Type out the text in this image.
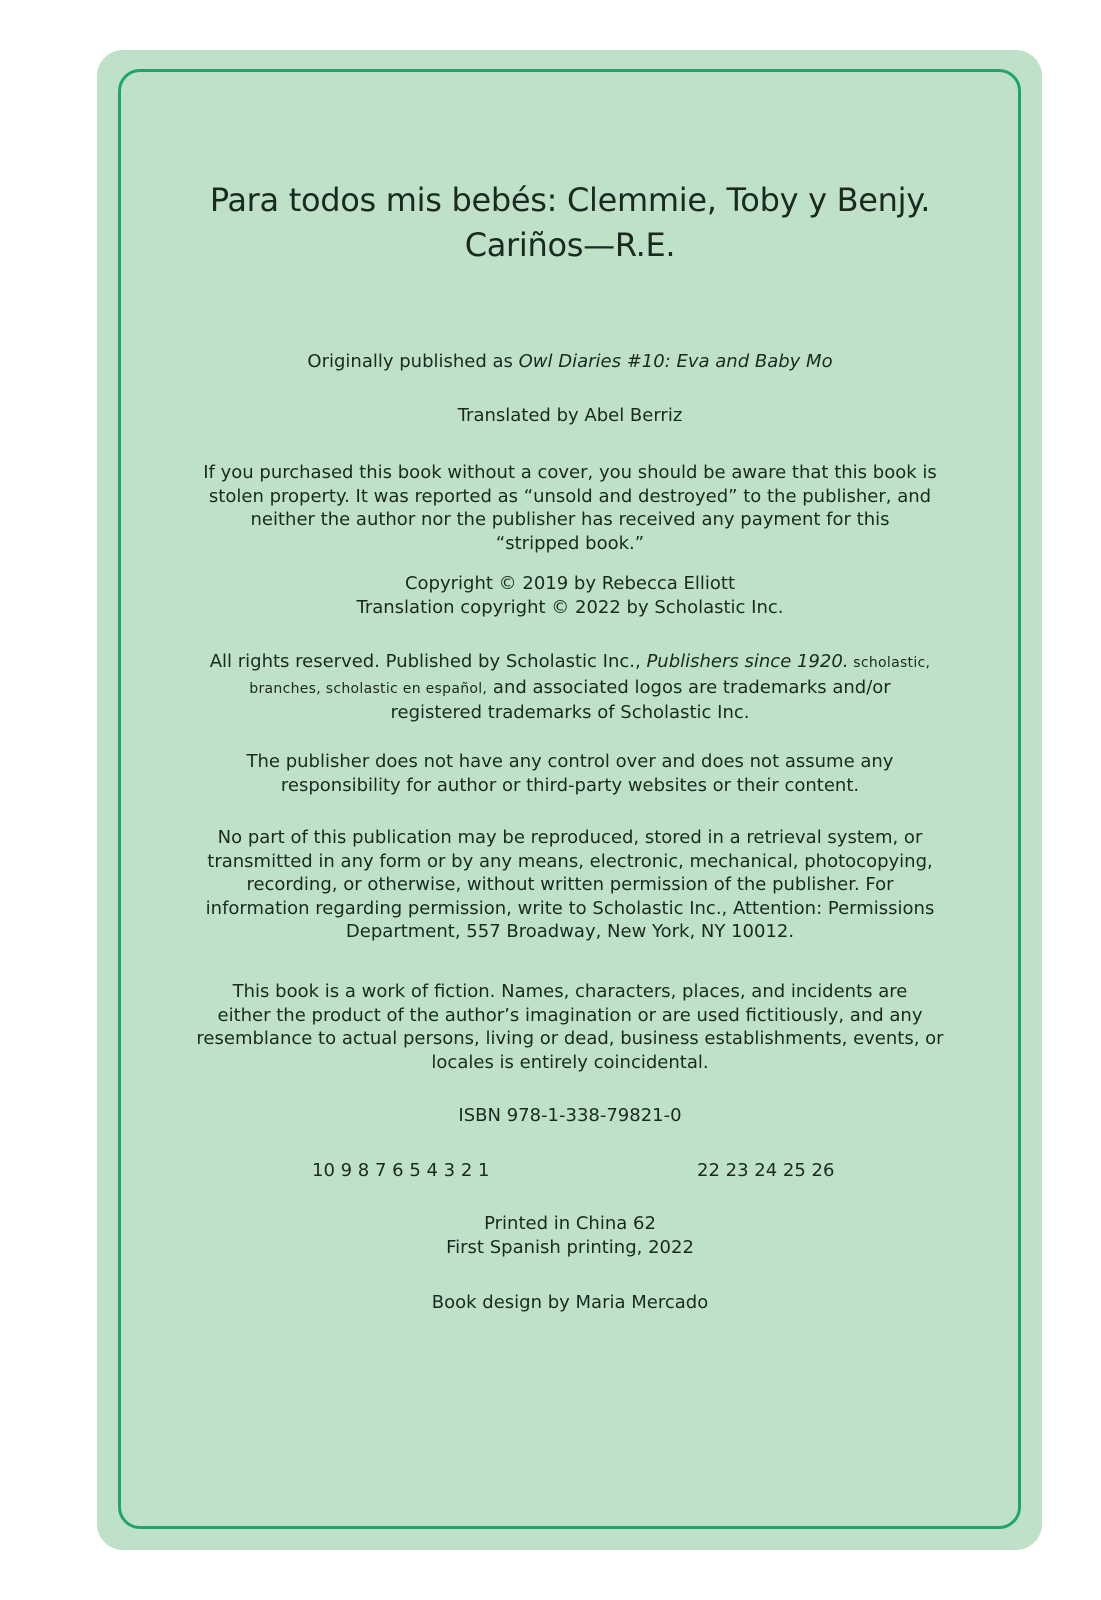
Para todos mis bebés: Clemmie, Toby y Benjy.
Cariños—R.E.
Originally published as Owl Diaries #10: Eva and Baby Mo
Translated by Abel Berriz
If you purchased this book without a cover, you should be aware that this book is
stolen property. It was reported as “unsold and destroyed” to the publisher, and
neither the author nor the publisher has received any payment for this
“stripped book.”
Copyright © 2019 by Rebecca Elliott
Translation copyright © 2022 by Scholastic Inc.
All rights reserved. Published by Scholastic Inc., Publishers since 1920. scholastic,
branches, scholastic en español, and associated logos are trademarks and/or
registered trademarks of Scholastic Inc.
The publisher does not have any control over and does not assume any
responsibility for author or third-party websites or their content.
No part of this publication may be reproduced, stored in a retrieval system, or
transmitted in any form or by any means, electronic, mechanical, photocopying,
recording, or otherwise, without written permission of the publisher. For
information regarding permission, write to Scholastic Inc., Attention: Permissions
Department, 557 Broadway, New York, NY 10012.
This book is a work of fiction. Names, characters, places, and incidents are
either the product of the author’s imagination or are used fictitiously, and any
resemblance to actual persons, living or dead, business establishments, events, or
locales is entirely coincidental.
ISBN 978-1-338-79821-0
10 9 8 7 6 5 4 3 2 1	22 23 24 25 26
Printed in China 62
First Spanish printing, 2022
Book design by Maria Mercado
